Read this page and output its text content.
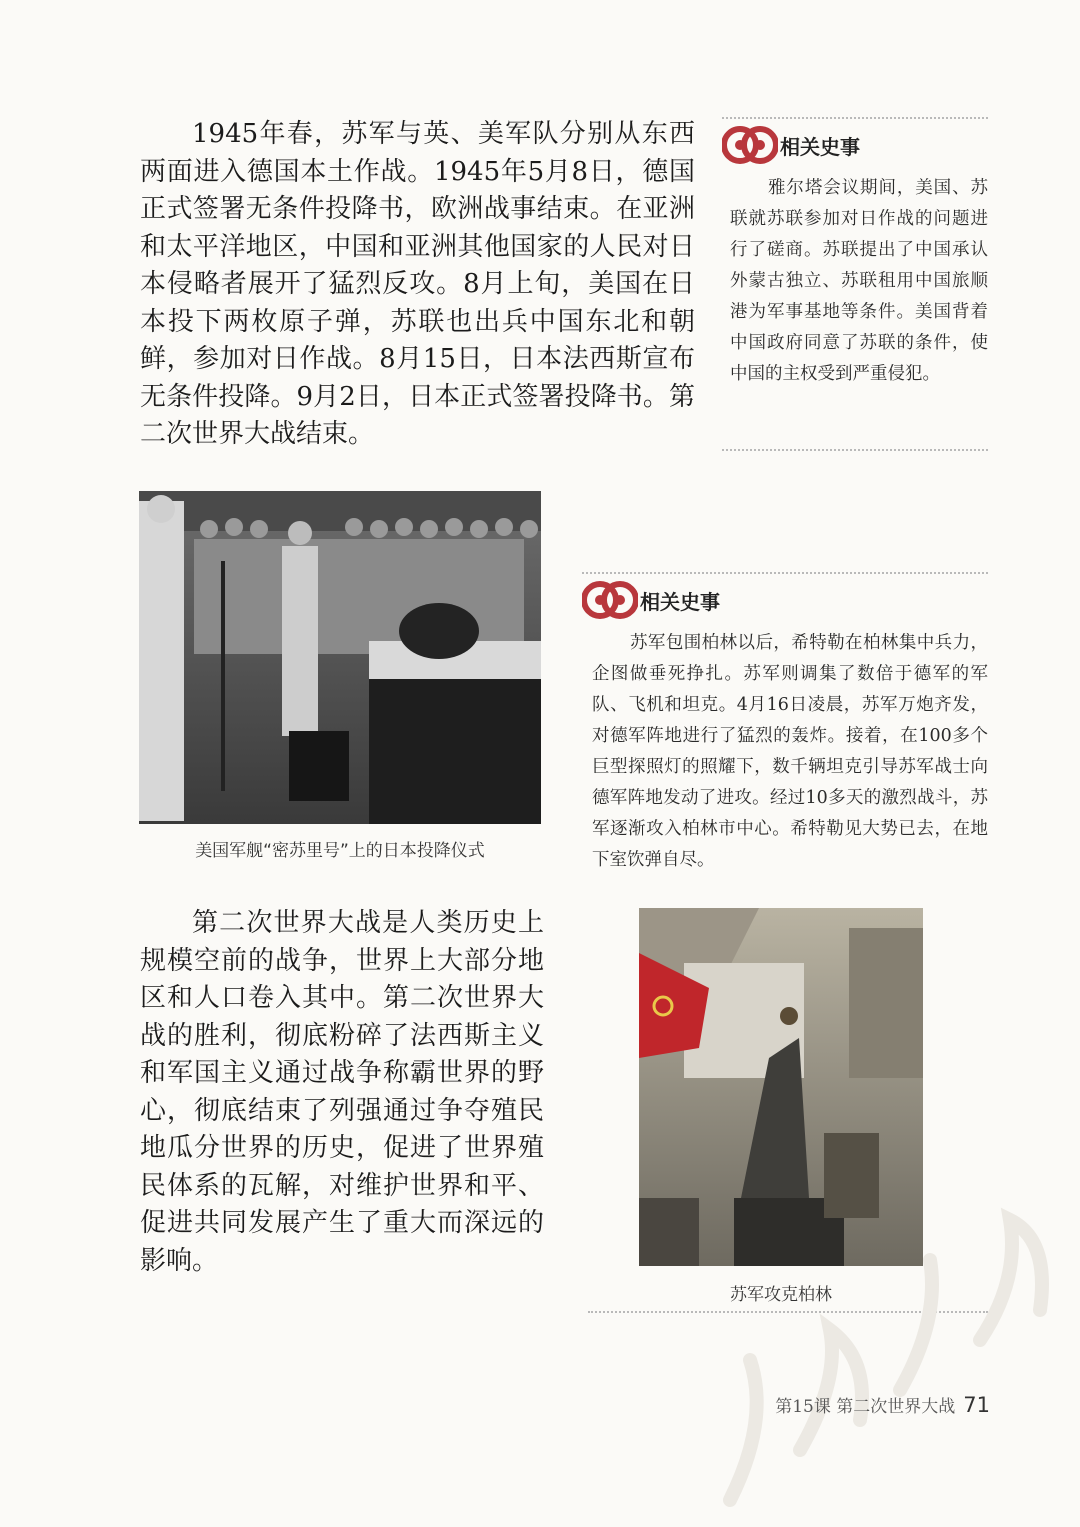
1945年春，苏军与英、美军队分别从东西两面进入德国本土作战。1945年5月8日，德国正式签署无条件投降书，欧洲战事结束。在亚洲和太平洋地区，中国和亚洲其他国家的人民对日本侵略者展开了猛烈反攻。8月上旬，美国在日本投下两枚原子弹，苏联也出兵中国东北和朝鲜，参加对日作战。8月15日，日本法西斯宣布无条件投降。9月2日，日本正式签署投降书。第二次世界大战结束。

相关史事

雅尔塔会议期间，美国、苏联就苏联参加对日作战的问题进行了磋商。苏联提出了中国承认外蒙古独立、苏联租用中国旅顺港为军事基地等条件。美国背着中国政府同意了苏联的条件，使中国的主权受到严重侵犯。

美国军舰“密苏里号”上的日本投降仪式

相关史事

苏军包围柏林以后，希特勒在柏林集中兵力，企图做垂死挣扎。苏军则调集了数倍于德军的军队、飞机和坦克。4月16日凌晨，苏军万炮齐发，对德军阵地进行了猛烈的轰炸。接着，在100多个巨型探照灯的照耀下，数千辆坦克引导苏军战士向德军阵地发动了进攻。经过10多天的激烈战斗，苏军逐渐攻入柏林市中心。希特勒见大势已去，在地下室饮弹自尽。

苏军攻克柏林

第二次世界大战是人类历史上规模空前的战争，世界上大部分地区和人口卷入其中。第二次世界大战的胜利，彻底粉碎了法西斯主义和军国主义通过战争称霸世界的野心，彻底结束了列强通过争夺殖民地瓜分世界的历史，促进了世界殖民体系的瓦解，对维护世界和平、促进共同发展产生了重大而深远的影响。

第15课 第二次世界大战 71
